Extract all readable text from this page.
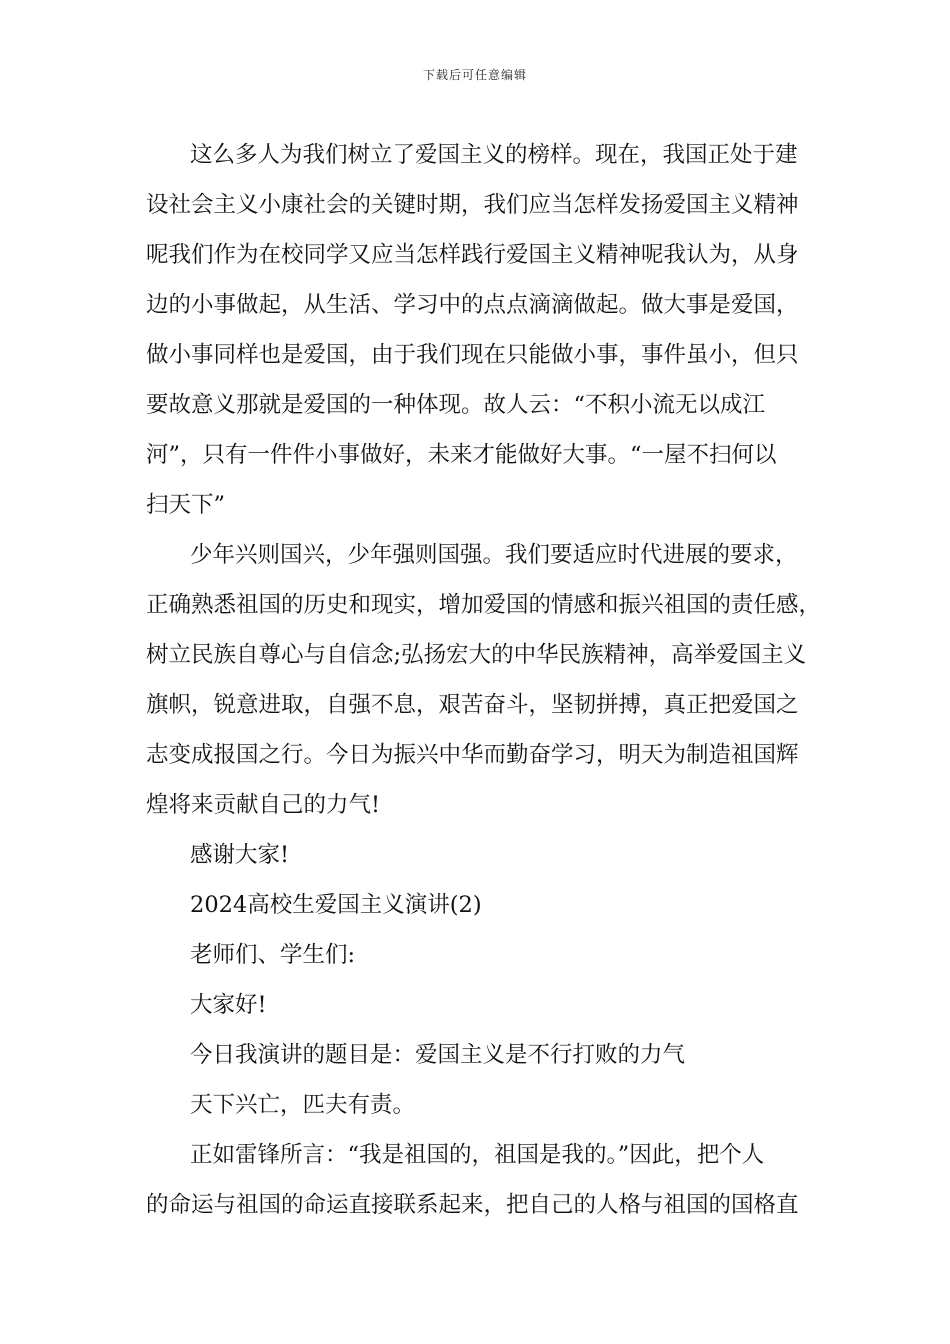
下载后可任意编辑

这么多人为我们树立了爱国主义的榜样。现在，我国正处于建
设社会主义小康社会的关键时期，我们应当怎样发扬爱国主义精神
呢我们作为在校同学又应当怎样践行爱国主义精神呢我认为，从身
边的小事做起，从生活、学习中的点点滴滴做起。做大事是爱国，
做小事同样也是爱国，由于我们现在只能做小事，事件虽小，但只
要故意义那就是爱国的一种体现。故人云：“不积小流无以成江
河”，只有一件件小事做好，未来才能做好大事。“一屋不扫何以
扫天下”

少年兴则国兴，少年强则国强。我们要适应时代进展的要求，
正确熟悉祖国的历史和现实，增加爱国的情感和振兴祖国的责任感，
树立民族自尊心与自信念;弘扬宏大的中华民族精神，高举爱国主义
旗帜，锐意进取，自强不息，艰苦奋斗，坚韧拼搏，真正把爱国之
志变成报国之行。今日为振兴中华而勤奋学习，明天为制造祖国辉
煌将来贡献自己的力气!

感谢大家!

2024高校生爱国主义演讲(2)

老师们、学生们:

大家好!

今日我演讲的题目是：爱国主义是不行打败的力气

天下兴亡，匹夫有责。

正如雷锋所言：“我是祖国的，祖国是我的。”因此，把个人
的命运与祖国的命运直接联系起来，把自己的人格与祖国的国格直
